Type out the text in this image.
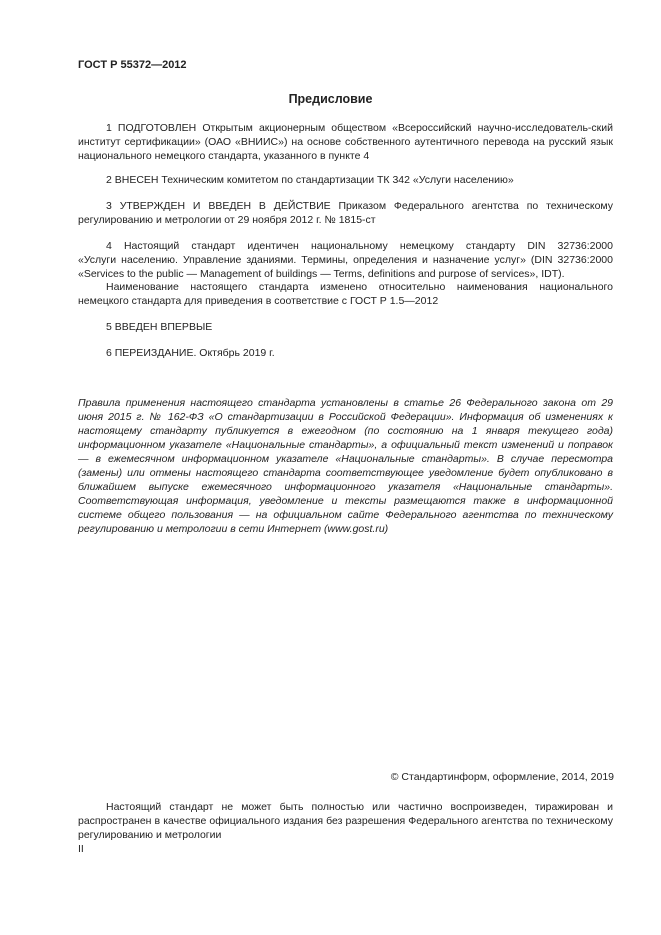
ГОСТ Р 55372—2012
Предисловие
1 ПОДГОТОВЛЕН Открытым акционерным обществом «Всероссийский научно-исследователь-ский институт сертификации» (ОАО «ВНИИС») на основе собственного аутентичного перевода на русский язык национального немецкого стандарта, указанного в пункте 4
2 ВНЕСЕН Техническим комитетом по стандартизации ТК 342 «Услуги населению»
3 УТВЕРЖДЕН И ВВЕДЕН В ДЕЙСТВИЕ Приказом Федерального агентства по техническому регулированию и метрологии от 29 ноября 2012 г. № 1815-ст
4 Настоящий стандарт идентичен национальному немецкому стандарту DIN 32736:2000
«Услуги населению. Управление зданиями. Термины, определения и назначение услуг» (DIN 32736:2000
«Services to the public — Management of buildings — Terms, definitions and purpose of services», IDT).
Наименование настоящего стандарта изменено относительно наименования национального немецкого стандарта для приведения в соответствие с ГОСТ Р 1.5—2012
5 ВВЕДЕН ВПЕРВЫЕ
6 ПЕРЕИЗДАНИЕ. Октябрь 2019 г.
Правила применения настоящего стандарта установлены в статье 26 Федерального закона от 29 июня 2015 г. № 162-ФЗ «О стандартизации в Российской Федерации». Информация об изменениях к настоящему стандарту публикуется в ежегодном (по состоянию на 1 января текущего года) информационном указателе «Национальные стандарты», а официальный текст изменений и поправок — в ежемесячном информационном указателе «Национальные стандарты». В случае пересмотра (замены) или отмены настоящего стандарта соответствующее уведомление будет опубликовано в ближайшем выпуске ежемесячного информационного указателя «Национальные стандарты». Соответствующая информация, уведомление и тексты размещаются также в информационной системе общего пользования — на официальном сайте Федерального агентства по техническому регулированию и метрологии в сети Интернет (www.gost.ru)
© Стандартинформ, оформление, 2014, 2019
Настоящий стандарт не может быть полностью или частично воспроизведен, тиражирован и распространен в качестве официального издания без разрешения Федерального агентства по техническому регулированию и метрологии
II
